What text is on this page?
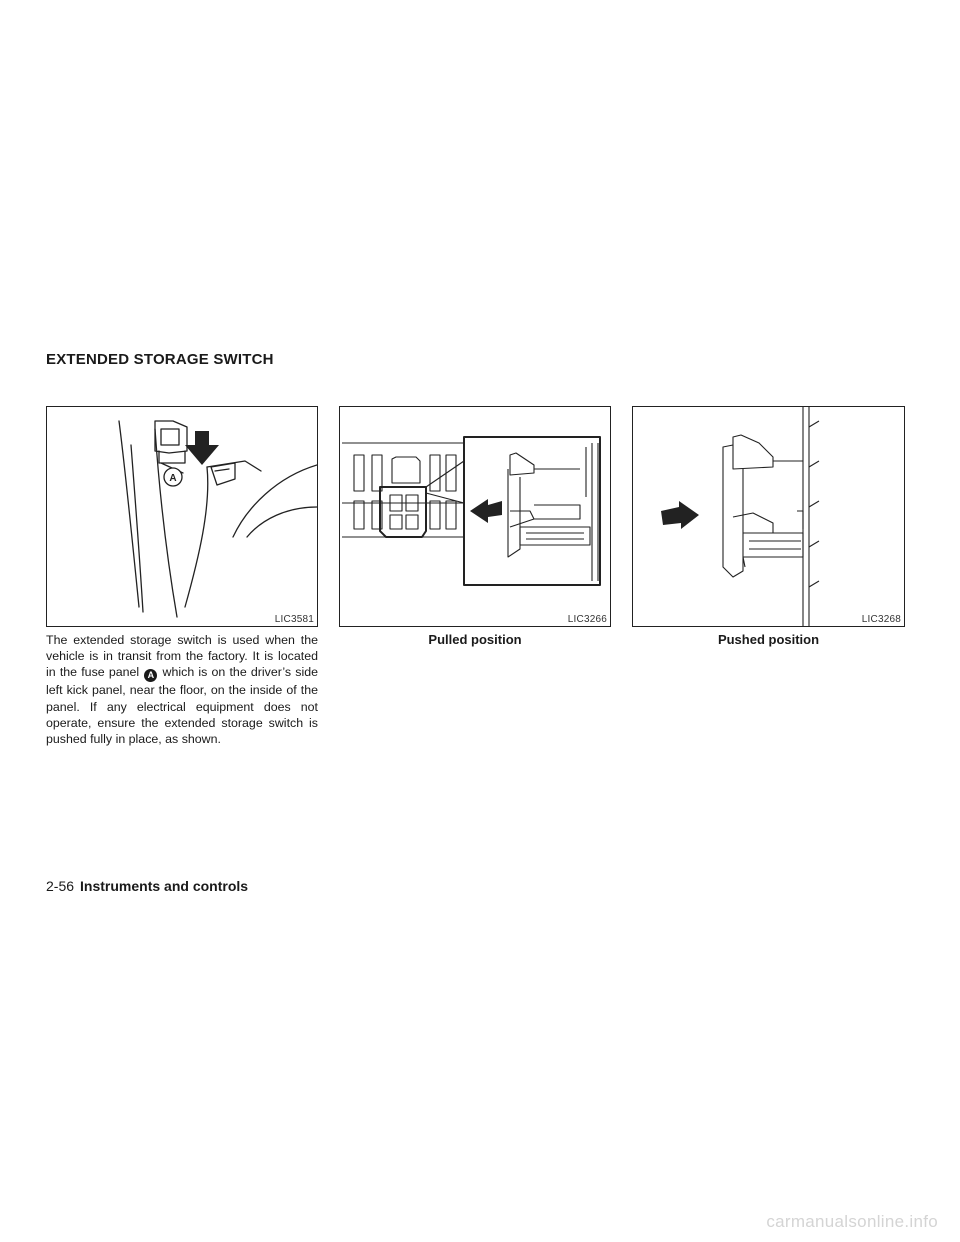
EXTENDED STORAGE SWITCH
A
LIC3581	LIC3266	LIC3268

Pulled position	Pushed position

The extended storage switch is used when the vehicle is in transit from the factory. It is located in the fuse panel A which is on the driver’s side left kick panel, near the floor, on the inside of the panel. If any electrical equipment does not operate, ensure the extended storage switch is pushed fully in place, as shown.

2-56 Instruments and controls
carmanualsonline.info
